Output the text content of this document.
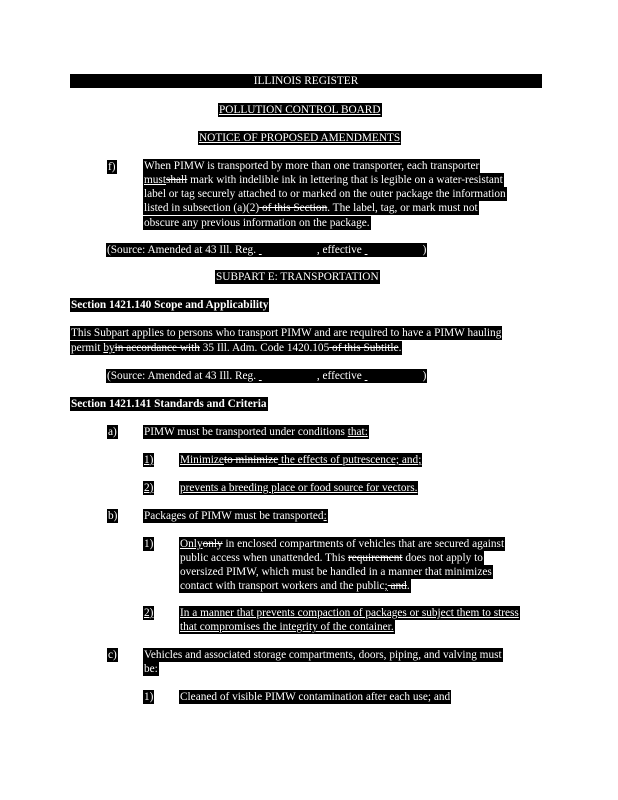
ILLINOIS REGISTER
POLLUTION CONTROL BOARD
NOTICE OF PROPOSED AMENDMENTS
f)	When PIMW is transported by more than one transporter, each transporter
mustshall mark with indelible ink in lettering that is legible on a water-resistant
label or tag securely attached to or marked on the outer package the information
listed in subsection (a)(2) of this Section. The label, tag, or mark must not
obscure any previous information on the package.
(Source: Amended at 43 Ill. Reg.	, effective	)
SUBPART E: TRANSPORTATION
Section 1421.140 Scope and Applicability
This Subpart applies to persons who transport PIMW and are required to have a PIMW hauling
permit byin accordance with 35 Ill. Adm. Code 1420.105 of this Subtitle.
(Source: Amended at 43 Ill. Reg.	, effective	)
Section 1421.141 Standards and Criteria
a) PIMW must be transported under conditions that:
1) Minimizeto minimize the effects of putrescence; and;
2) prevents a breeding place or food source for vectors.
b) Packages of PIMW must be transported:
1) Onlyonly in enclosed compartments of vehicles that are secured against
public access when unattended. This requirement does not apply to
oversized PIMW, which must be handled in a manner that minimizes
contact with transport workers and the public; and.
2) In a manner that prevents compaction of packages or subject them to stress
that compromises the integrity of the container.
c) Vehicles and associated storage compartments, doors, piping, and valving must
be:
1) Cleaned of visible PIMW contamination after each use; and
